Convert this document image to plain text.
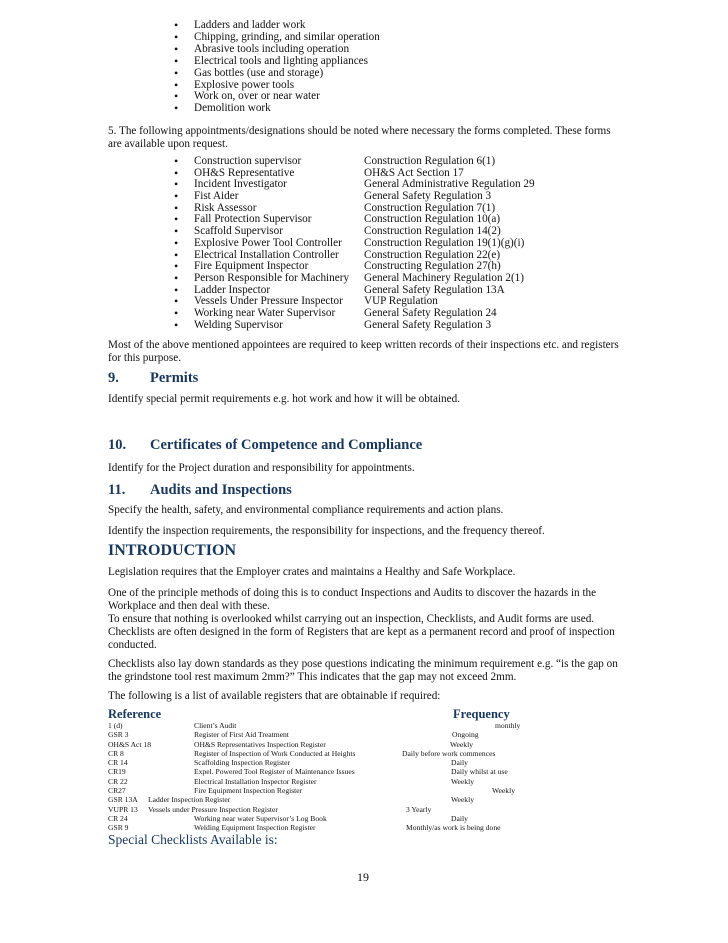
• Ladders and ladder work
• Chipping, grinding, and similar operation
• Abrasive tools including operation
• Electrical tools and lighting appliances
• Gas bottles (use and storage)
• Explosive power tools
• Work on, over or near water
• Demolition work
5. The following appointments/designations should be noted where necessary the forms completed. These forms are available upon request.
• Construction supervisor	Construction Regulation 6(1)
• OH&S Representative	OH&S Act Section 17
• Incident Investigator	General Administrative Regulation 29
• Fist Aider	General Safety Regulation 3
• Risk Assessor	Construction Regulation 7(1)
• Fall Protection Supervisor	Construction Regulation 10(a)
• Scaffold Supervisor	Construction Regulation 14(2)
• Explosive Power Tool Controller Construction Regulation 19(1)(g)(i)
• Electrical Installation Controller Construction Regulation 22(e)
• Fire Equipment Inspector	Constructing Regulation 27(h)
• Person Responsible for Machinery General Machinery Regulation 2(1)
• Ladder Inspector	General Safety Regulation 13A
• Vessels Under Pressure Inspector VUP Regulation
• Working near Water Supervisor	General Safety Regulation 24
• Welding Supervisor	General Safety Regulation 3
Most of the above mentioned appointees are required to keep written records of their inspections etc. and registers for this purpose.
9. Permits
Identify special permit requirements e.g. hot work and how it will be obtained.
10. Certificates of Competence and Compliance
Identify for the Project duration and responsibility for appointments.
11. Audits and Inspections
Specify the health, safety, and environmental compliance requirements and action plans.
Identify the inspection requirements, the responsibility for inspections, and the frequency thereof.
INTRODUCTION
Legislation requires that the Employer crates and maintains a Healthy and Safe Workplace.
One of the principle methods of doing this is to conduct Inspections and Audits to discover the hazards in the Workplace and then deal with these.
To ensure that nothing is overlooked whilst carrying out an inspection, Checklists, and Audit forms are used. Checklists are often designed in the form of Registers that are kept as a permanent record and proof of inspection conducted.
Checklists also lay down standards as they pose questions indicating the minimum requirement e.g. “is the gap on the grindstone tool rest maximum 2mm?” This indicates that the gap may not exceed 2mm.
The following is a list of available registers that are obtainable if required:
Reference	Frequency
1 (d)	Client’s Audit	monthly
GSR 3	Register of First Aid Treatment	Ongoing
OH&S Act 18	OH&S Representatives Inspection Register	Weekly
CR 8	Register of Inspection of Work Conducted at Heights	Daily before work commences
CR 14	Scaffolding Inspection Register	Daily
CR19	Expel. Powered Tool Register of Maintenance Issues	Daily whilst at use
CR 22	Electrical Installation Inspector Register	Weekly
CR27	Fire Equipment Inspection Register	Weekly
GSR 13A Ladder Inspection Register	Weekly
VUPR 13 Vessels under Pressure Inspection Register	3 Yearly
CR 24	Working near water Supervisor’s Log Book	Daily
GSR 9	Welding Equipment Inspection Register	Monthly/as work is being done
Special Checklists Available is:
19
